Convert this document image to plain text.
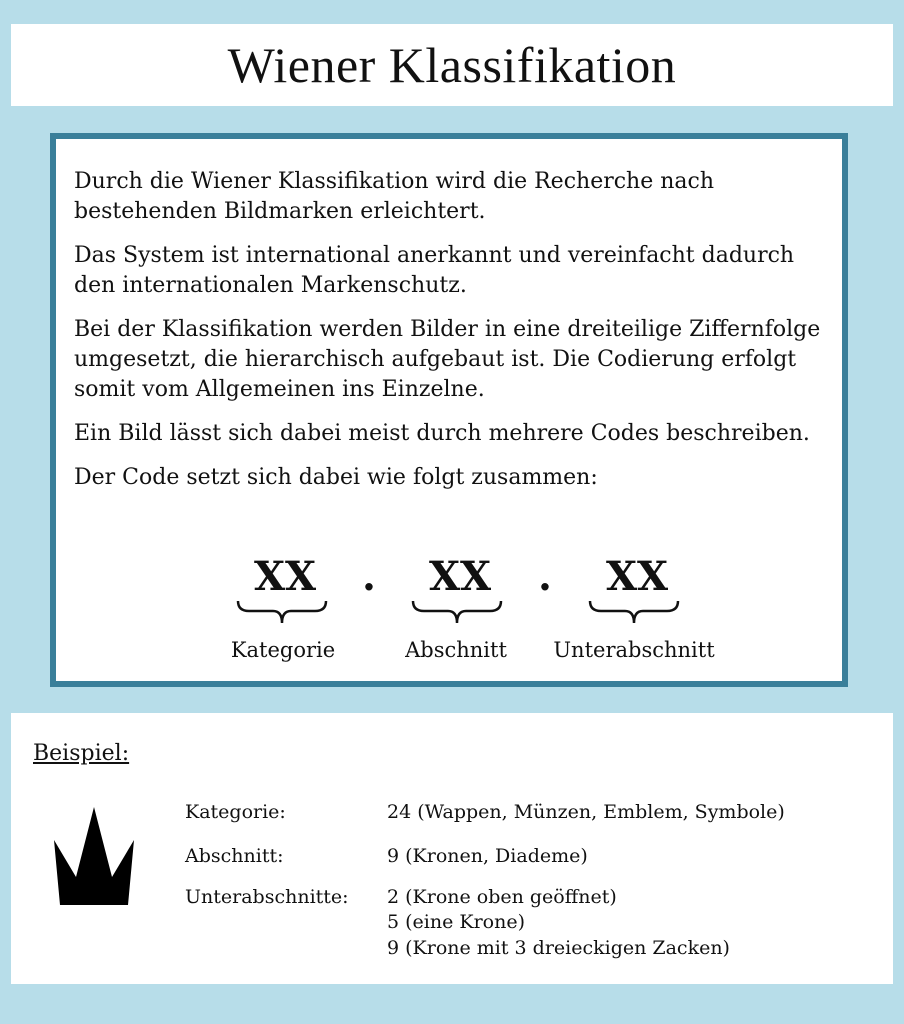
Wiener Klassifikation

Durch die Wiener Klassifikation wird die Recherche nach bestehenden Bildmarken erleichtert.

Das System ist international anerkannt und vereinfacht dadurch den internationalen Markenschutz.

Bei der Klassifikation werden Bilder in eine dreiteilige Ziffernfolge umgesetzt, die hierarchisch aufgebaut ist. Die Codierung erfolgt somit vom Allgemeinen ins Einzelne.

Ein Bild lässt sich dabei meist durch mehrere Codes beschreiben.

Der Code setzt sich dabei wie folgt zusammen:

XX	.	XX	.	XX
Kategorie	Abschnitt	Unterabschnitt

Beispiel:

Kategorie:	24 (Wappen, Münzen, Emblem, Symbole)

Abschnitt:	9 (Kronen, Diademe)

Unterabschnitte: 2 (Krone oben geöffnet)

5 (eine Krone)

9 (Krone mit 3 dreieckigen Zacken)
